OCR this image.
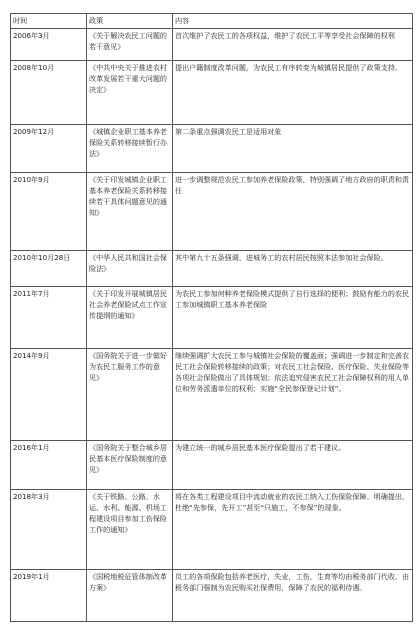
时间	政策	内容
2006年3月	《关于解决农民工问题的若干意见》	首次维护了农民工的各项权益，维护了农民工平等享受社会保障的权利
2008年10月	《中共中央关于推进农村改革发展若干重大问题的决定》	提出户籍制度改革问题，为农民工有序转变为城镇居民提供了政策支持。
2009年12月	《城镇企业职工基本养老保险关系转移接续暂行办法》	第二条重点强调农民工是适用对象
2010年9月	《关于印发城镇企业职工基本养老保险关系转移接续若干具体问题意见的通知》	进一步调整规范农民工参加养老保险政策，特别强调了地方政府的职责和责任
2010年10月28日	《中华人民共和国社会保险法》	其中第九十五条强调，进城务工的农村居民按照本法参加社会保险。
2011年7月	《关于印发开展城镇居民社会养老保险试点工作宣传提纲的通知》	为农民工参加何种养老保险模式提供了自行选择的便利；鼓励有能力的农民工参加城镇职工基本养老保险
2014年9月	《国务院关于进一步做好为农民工服务工作的意见》	继续强调扩大农民工参与城镇社会保险的覆盖面；强调进一步制定和完善农民工社会保险转移接续的政策；对农民工社会保险、医疗保险、失业保险等各项社会保险做出了具体规划；依法追究侵害农民工社会保障权利的用人单位和劳务派遣单位的权利；实施“全民参保登记计划”。
2016年1月	《国务院关于整合城乡居民基本医疗保险制度的意见》	为建立统一的城乡居民基本医疗保险提出了若干建议。
2018年3月	《关于铁路、公路、水运、水利、能源、机场工程建设项目参加工伤保险工作的通知》	将在各类工程建设项目中流动就业的农民工纳入工伤保险保障。明确提出，杜绝“先参保，先开工”甚至“只施工，不参保”的现象。
2019年1月	《国税地税征管体制改革方案》	员工的各项保险包括养老医疗，失业，工伤，生育等均由税务部门代收，由税务部门强制为农民购买社保费用，保障了农民的福利待遇。
